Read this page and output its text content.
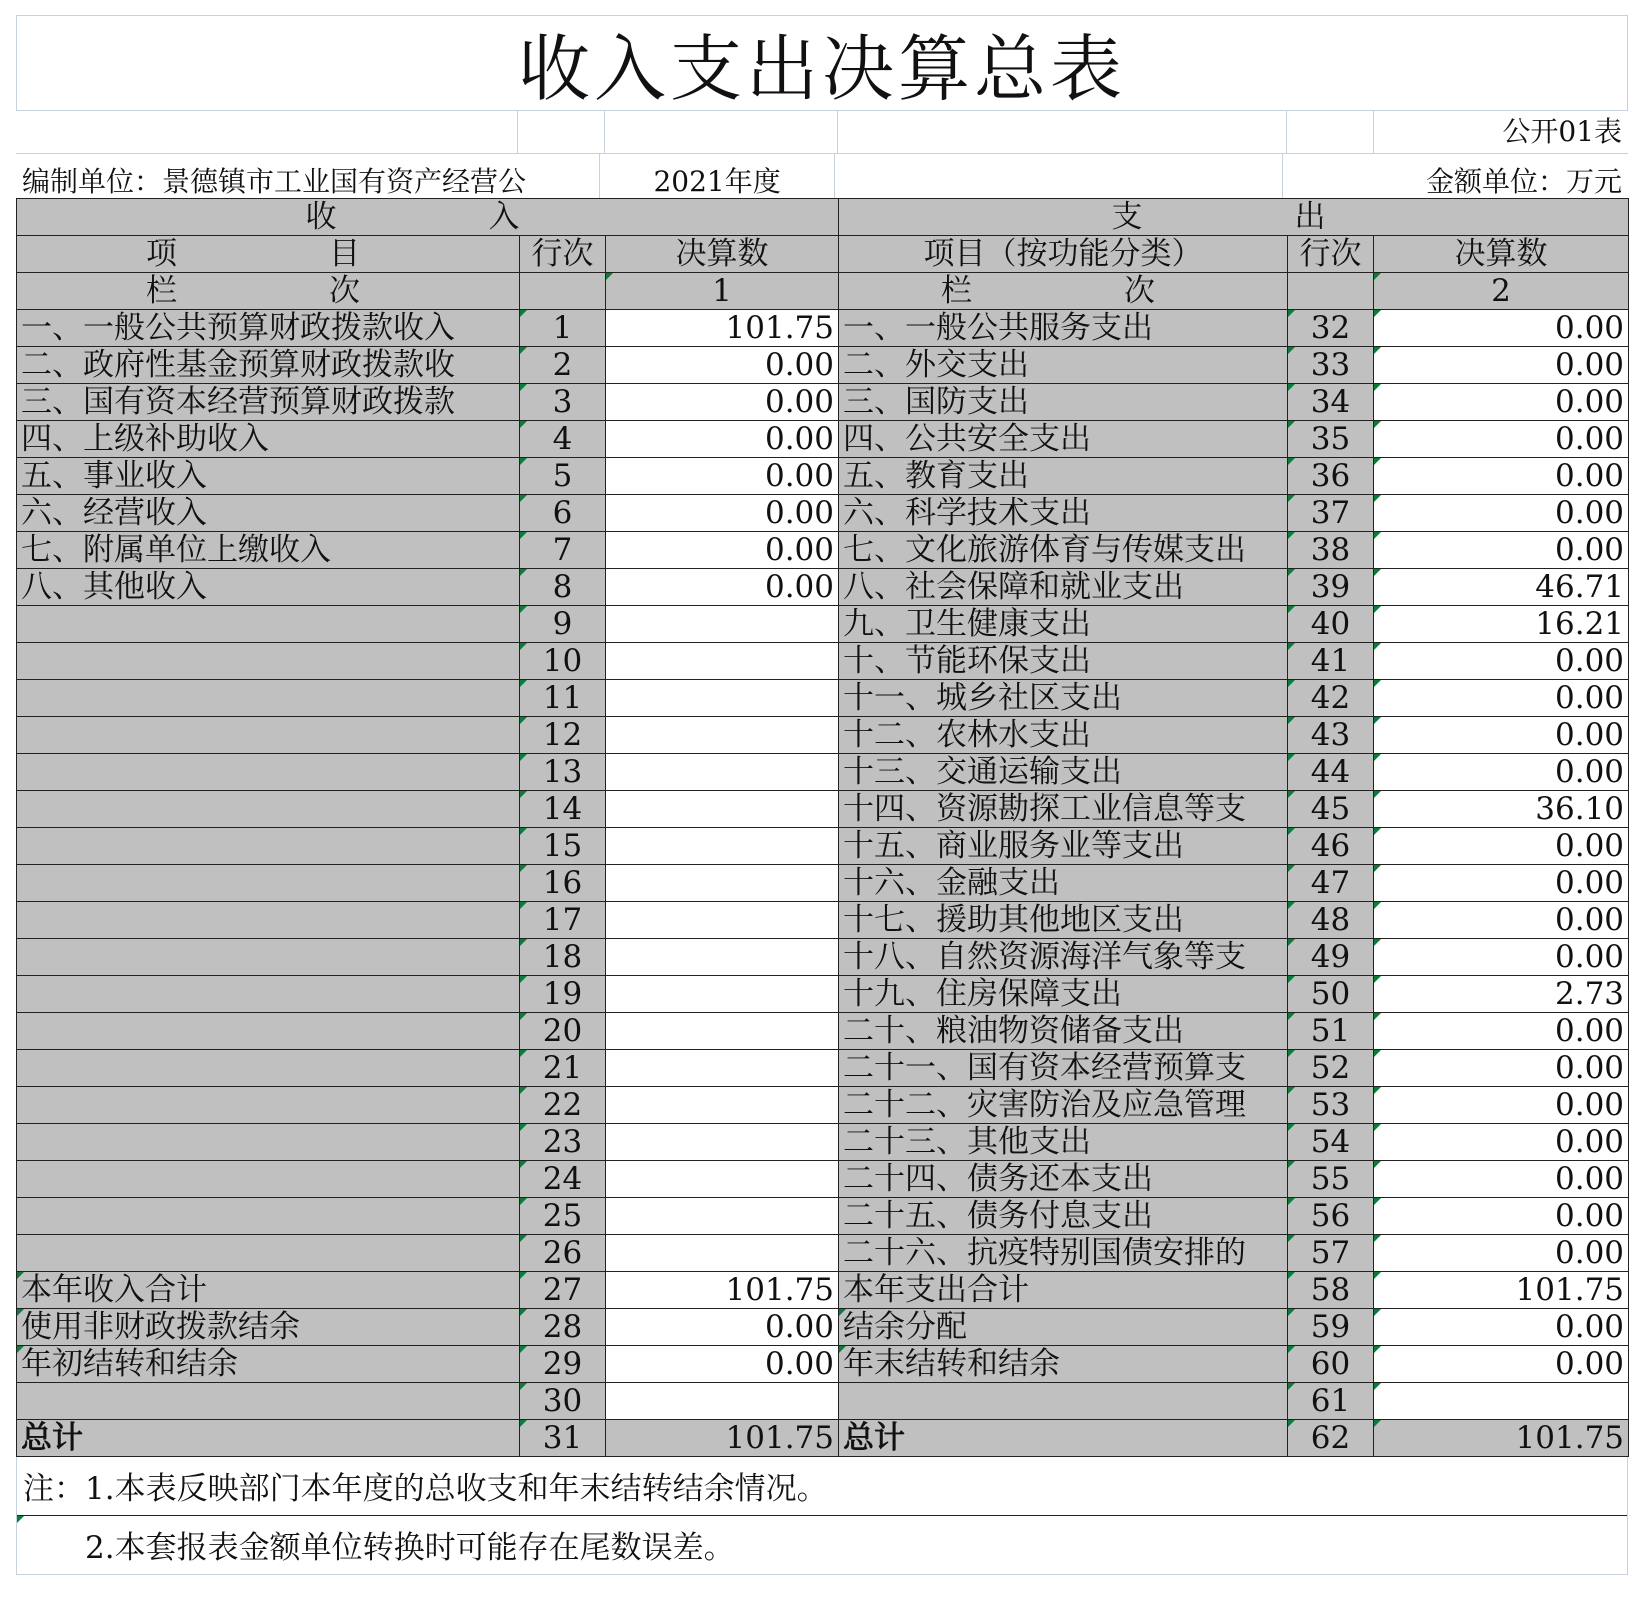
收入支出决算总表
公开01表
编制单位：景德镇市工业国有资产经营公	2021年度	金额单位：万元
收　　入			支　　出		
项　　目	行次	决算数	项目（按功能分类）	行次	决算数
栏　　次		1	栏　　次		2
一、一般公共预算财政拨款收入	1	101.75	一、一般公共服务支出	32	0.00
二、政府性基金预算财政拨款收	2	0.00	二、外交支出	33	0.00
三、国有资本经营预算财政拨款	3	0.00	三、国防支出	34	0.00
四、上级补助收入	4	0.00	四、公共安全支出	35	0.00
五、事业收入	5	0.00	五、教育支出	36	0.00
六、经营收入	6	0.00	六、科学技术支出	37	0.00
七、附属单位上缴收入	7	0.00	七、文化旅游体育与传媒支出	38	0.00
八、其他收入	8	0.00	八、社会保障和就业支出	39	46.71
	9		九、卫生健康支出	40	16.21
	10		十、节能环保支出	41	0.00
	11		十一、城乡社区支出	42	0.00
	12		十二、农林水支出	43	0.00
	13		十三、交通运输支出	44	0.00
	14		十四、资源勘探工业信息等支	45	36.10
	15		十五、商业服务业等支出	46	0.00
	16		十六、金融支出	47	0.00
	17		十七、援助其他地区支出	48	0.00
	18		十八、自然资源海洋气象等支	49	0.00
	19		十九、住房保障支出	50	2.73
	20		二十、粮油物资储备支出	51	0.00
	21		二十一、国有资本经营预算支	52	0.00
	22		二十二、灾害防治及应急管理	53	0.00
	23		二十三、其他支出	54	0.00
	24		二十四、债务还本支出	55	0.00
	25		二十五、债务付息支出	56	0.00
	26		二十六、抗疫特别国债安排的	57	0.00
本年收入合计	27	101.75	本年支出合计	58	101.75
使用非财政拨款结余	28	0.00	结余分配	59	0.00
年初结转和结余	29	0.00	年末结转和结余	60	0.00
	30			61	
总计	31	101.75	总计	62	101.75
注：1.本表反映部门本年度的总收支和年末结转结余情况。
　　2.本套报表金额单位转换时可能存在尾数误差。
